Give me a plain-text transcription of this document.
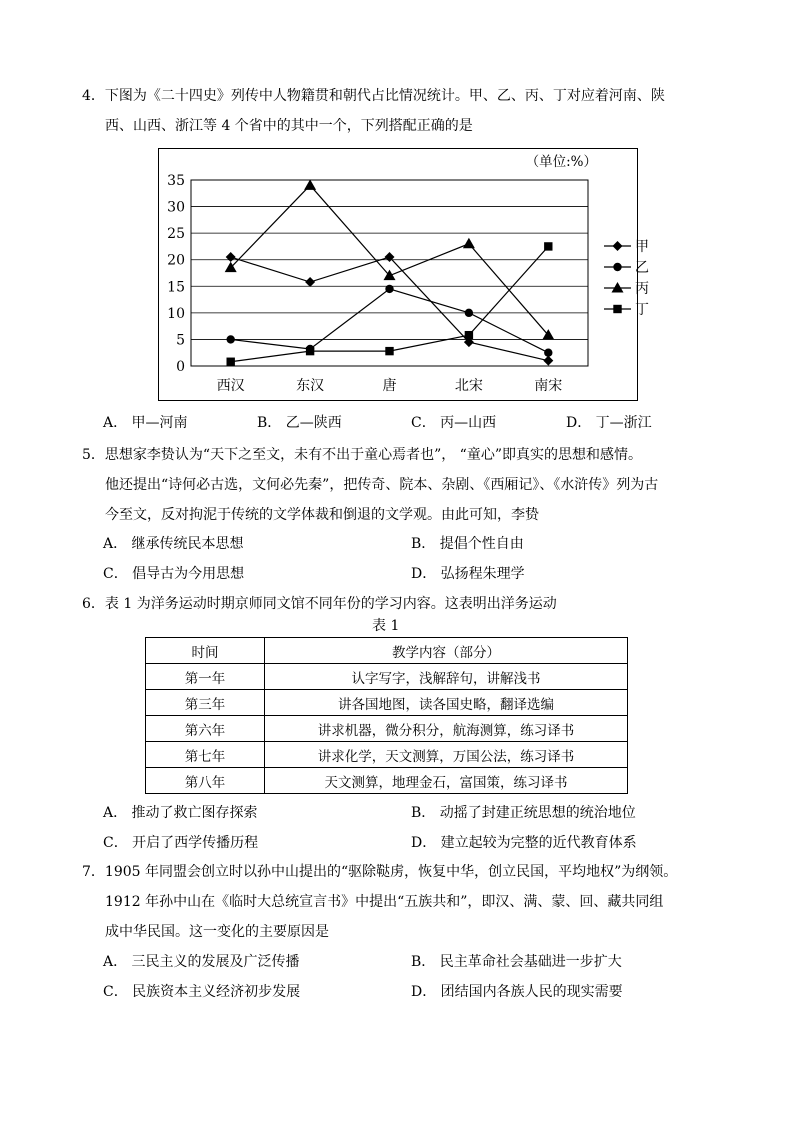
4．下图为《二十四史》列传中人物籍贯和朝代占比情况统计。甲、乙、丙、丁对应着河南、陕
西、山西、浙江等 4 个省中的其中一个，下列搭配正确的是
0
5
10
15
20
25
30
35
西汉	东汉	唐	北宋	南宋
（单位:%）
甲
乙
丙
丁
A． 甲—河南	B． 乙—陕西	C． 丙—山西	D． 丁—浙江
5．思想家李贽认为“天下之至文，未有不出于童心焉者也”， “童心”即真实的思想和感情。
他还提出“诗何必古选，文何必先秦”，把传奇、院本、杂剧、《西厢记》、《水浒传》列为古
今至文，反对拘泥于传统的文学体裁和倒退的文学观。由此可知，李贽
A． 继承传统民本思想	B． 提倡个性自由
C． 倡导古为今用思想	D． 弘扬程朱理学
6．表 1 为洋务运动时期京师同文馆不同年份的学习内容。这表明出洋务运动
表 1
时间	教学内容（部分）
第一年	认字写字，浅解辞句，讲解浅书
第三年	讲各国地图，读各国史略，翻译选编
第六年	讲求机器，微分积分，航海测算，练习译书
第七年	讲求化学，天文测算，万国公法，练习译书
第八年	天文测算，地理金石，富国策，练习译书
A． 推动了救亡图存探索	B． 动摇了封建正统思想的统治地位
C． 开启了西学传播历程	D． 建立起较为完整的近代教育体系
7．1905 年同盟会创立时以孙中山提出的“驱除鞑虏，恢复中华，创立民国，平均地权”为纲领。
1912 年孙中山在《临时大总统宣言书》中提出“五族共和”，即汉、满、蒙、回、藏共同组
成中华民国。这一变化的主要原因是
A． 三民主义的发展及广泛传播	B． 民主革命社会基础进一步扩大
C． 民族资本主义经济初步发展	D． 团结国内各族人民的现实需要
